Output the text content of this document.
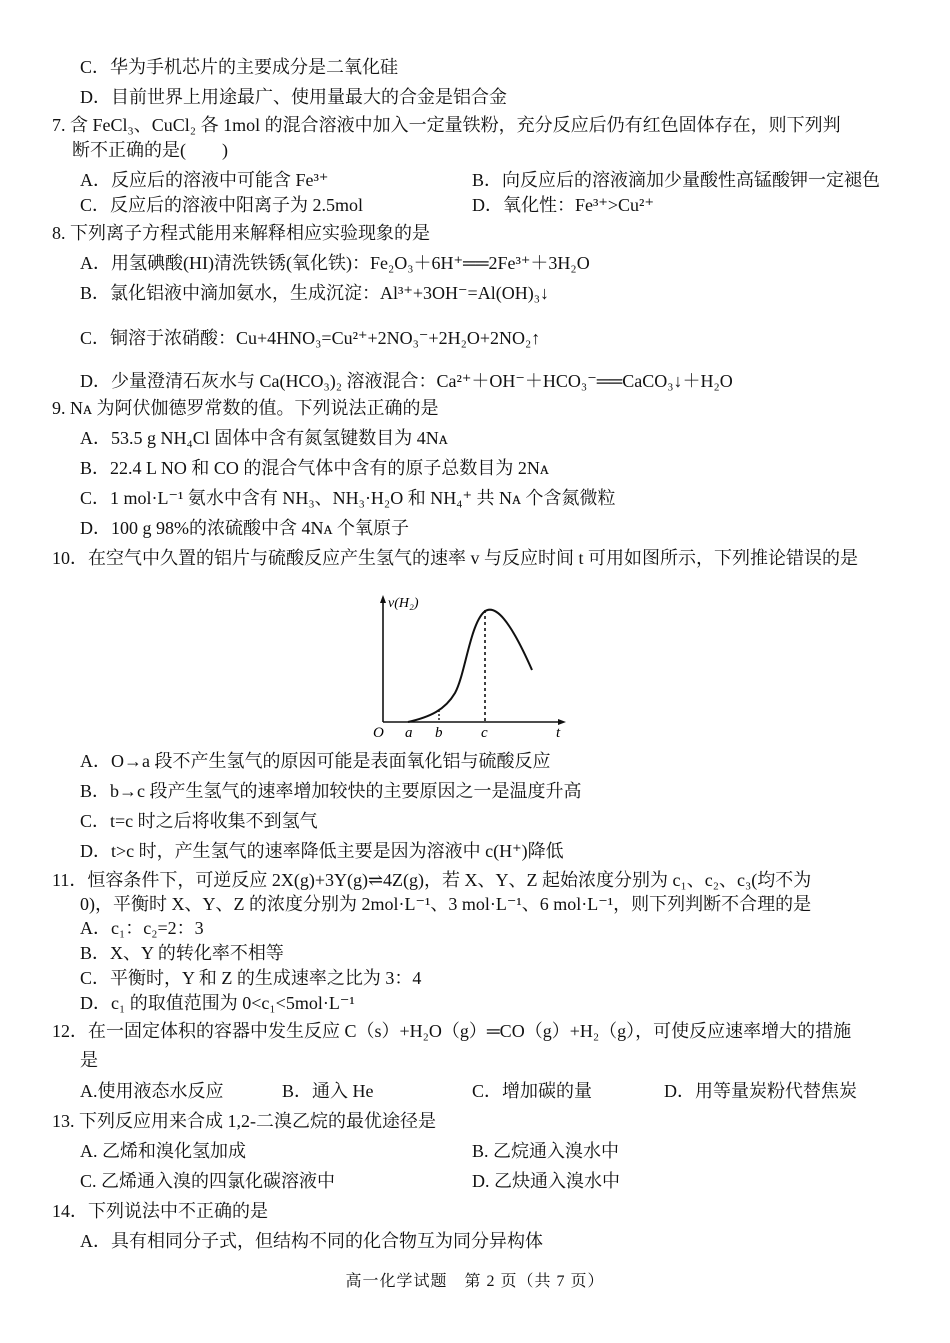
C．华为手机芯片的主要成分是二氧化硅
D．目前世界上用途最广、使用量最大的合金是铝合金
7. 含 FeCl₃、CuCl₂ 各 1mol 的混合溶液中加入一定量铁粉，充分反应后仍有红色固体存在，则下列判
断不正确的是(　　)
A．反应后的溶液中可能含 Fe³⁺	B．向反应后的溶液滴加少量酸性高锰酸钾一定褪色
C．反应后的溶液中阳离子为 2.5mol	D．氧化性：Fe³⁺>Cu²⁺
8. 下列离子方程式能用来解释相应实验现象的是
A．用氢碘酸(HI)清洗铁锈(氧化铁)：Fe₂O₃＋6H⁺══2Fe³⁺＋3H₂O
B．氯化铝液中滴加氨水，生成沉淀：Al³⁺+3OH⁻=Al(OH)₃↓
C．铜溶于浓硝酸：Cu+4HNO₃=Cu²⁺+2NO₃⁻+2H₂O+2NO₂↑
D．少量澄清石灰水与 Ca(HCO₃)₂ 溶液混合：Ca²⁺＋OH⁻＋HCO₃⁻══CaCO₃↓＋H₂O
9. Nᴀ 为阿伏伽德罗常数的值。下列说法正确的是
A．53.5 g NH₄Cl 固体中含有氮氢键数目为 4Nᴀ
B．22.4 L NO 和 CO 的混合气体中含有的原子总数目为 2Nᴀ
C．1 mol·L⁻¹ 氨水中含有 NH₃、NH₃·H₂O 和 NH₄⁺ 共 Nᴀ 个含氮微粒
D．100 g 98%的浓硫酸中含 4Nᴀ 个氧原子
10．在空气中久置的铝片与硫酸反应产生氢气的速率 v 与反应时间 t 可用如图所示，下列推论错误的是
v(H₂)
O a b	c	t
A．O→a 段不产生氢气的原因可能是表面氧化铝与硫酸反应
B．b→c 段产生氢气的速率增加较快的主要原因之一是温度升高
C．t=c 时之后将收集不到氢气
D．t>c 时，产生氢气的速率降低主要是因为溶液中 c(H⁺)降低
11．恒容条件下，可逆反应 2X(g)+3Y(g)⇌4Z(g)，若 X、Y、Z 起始浓度分别为 c₁、c₂、c₃(均不为
0)，平衡时 X、Y、Z 的浓度分别为 2mol·L⁻¹、3 mol·L⁻¹、6 mol·L⁻¹，则下列判断不合理的是
A．c₁：c₂=2：3
B．X、Y 的转化率不相等
C．平衡时，Y 和 Z 的生成速率之比为 3：4
D．c₁ 的取值范围为 0<c₁<5mol·L⁻¹
12．在一固定体积的容器中发生反应 C（s）+H₂O（g）═CO（g）+H₂（g），可使反应速率增大的措施
是
A.使用液态水反应	B．通入 He	C．增加碳的量	D．用等量炭粉代替焦炭
13. 下列反应用来合成 1,2-二溴乙烷的最优途径是
A. 乙烯和溴化氢加成	B. 乙烷通入溴水中
C. 乙烯通入溴的四氯化碳溶液中	D. 乙炔通入溴水中
14．下列说法中不正确的是
A．具有相同分子式，但结构不同的化合物互为同分异构体
高一化学试题　第 2 页（共 7 页）
